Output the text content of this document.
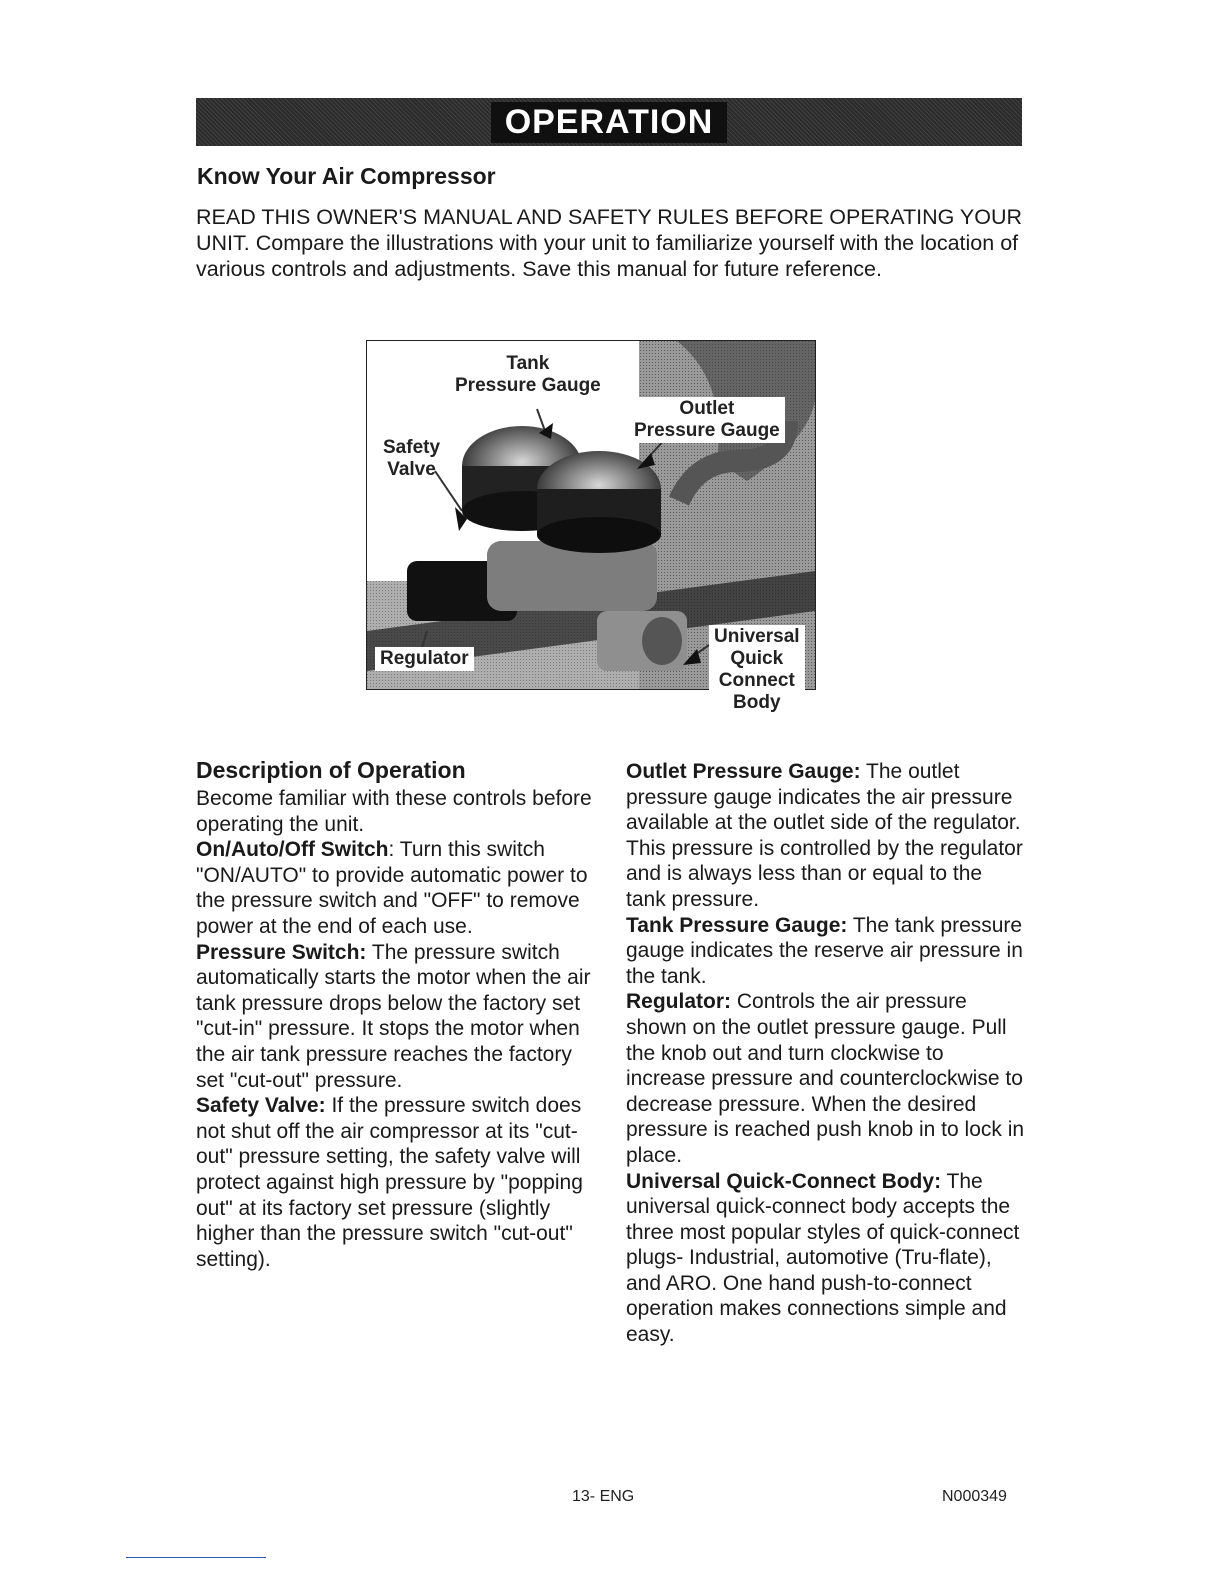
OPERATION
Know Your Air Compressor

READ THIS OWNER'S MANUAL AND SAFETY RULES BEFORE OPERATING YOUR UNIT. Compare the illustrations with your unit to familiarize yourself with the location of various controls and adjustments. Save this manual for future reference.

Tank
Pressure Gauge
Safety
Valve
Outlet
Pressure Gauge
Regulator
Universal
Quick
Connect
Body
Description of Operation

Become familiar with these controls before operating the unit.

On/Auto/Off Switch: Turn this switch "ON/AUTO" to provide automatic power to the pressure switch and "OFF" to remove power at the end of each use.

Pressure Switch: The pressure switch automatically starts the motor when the air tank pressure drops below the factory set "cut-in" pressure. It stops the motor when the air tank pressure reaches the factory set "cut-out" pressure.

Safety Valve: If the pressure switch does not shut off the air compressor at its "cut-out" pressure setting, the safety valve will protect against high pressure by "popping out" at its factory set pressure (slightly higher than the pressure switch "cut-out" setting).

Outlet Pressure Gauge: The outlet pressure gauge indicates the air pressure available at the outlet side of the regulator. This pressure is controlled by the regulator and is always less than or equal to the tank pressure.

Tank Pressure Gauge: The tank pressure gauge indicates the reserve air pressure in the tank.

Regulator: Controls the air pressure shown on the outlet pressure gauge. Pull the knob out and turn clockwise to increase pressure and counterclockwise to decrease pressure. When the desired pressure is reached push knob in to lock in place.

Universal Quick-Connect Body: The universal quick-connect body accepts the three most popular styles of quick-connect plugs- Industrial, automotive (Tru-flate), and ARO. One hand push-to-connect operation makes connections simple and easy.

13- ENG	N000349
